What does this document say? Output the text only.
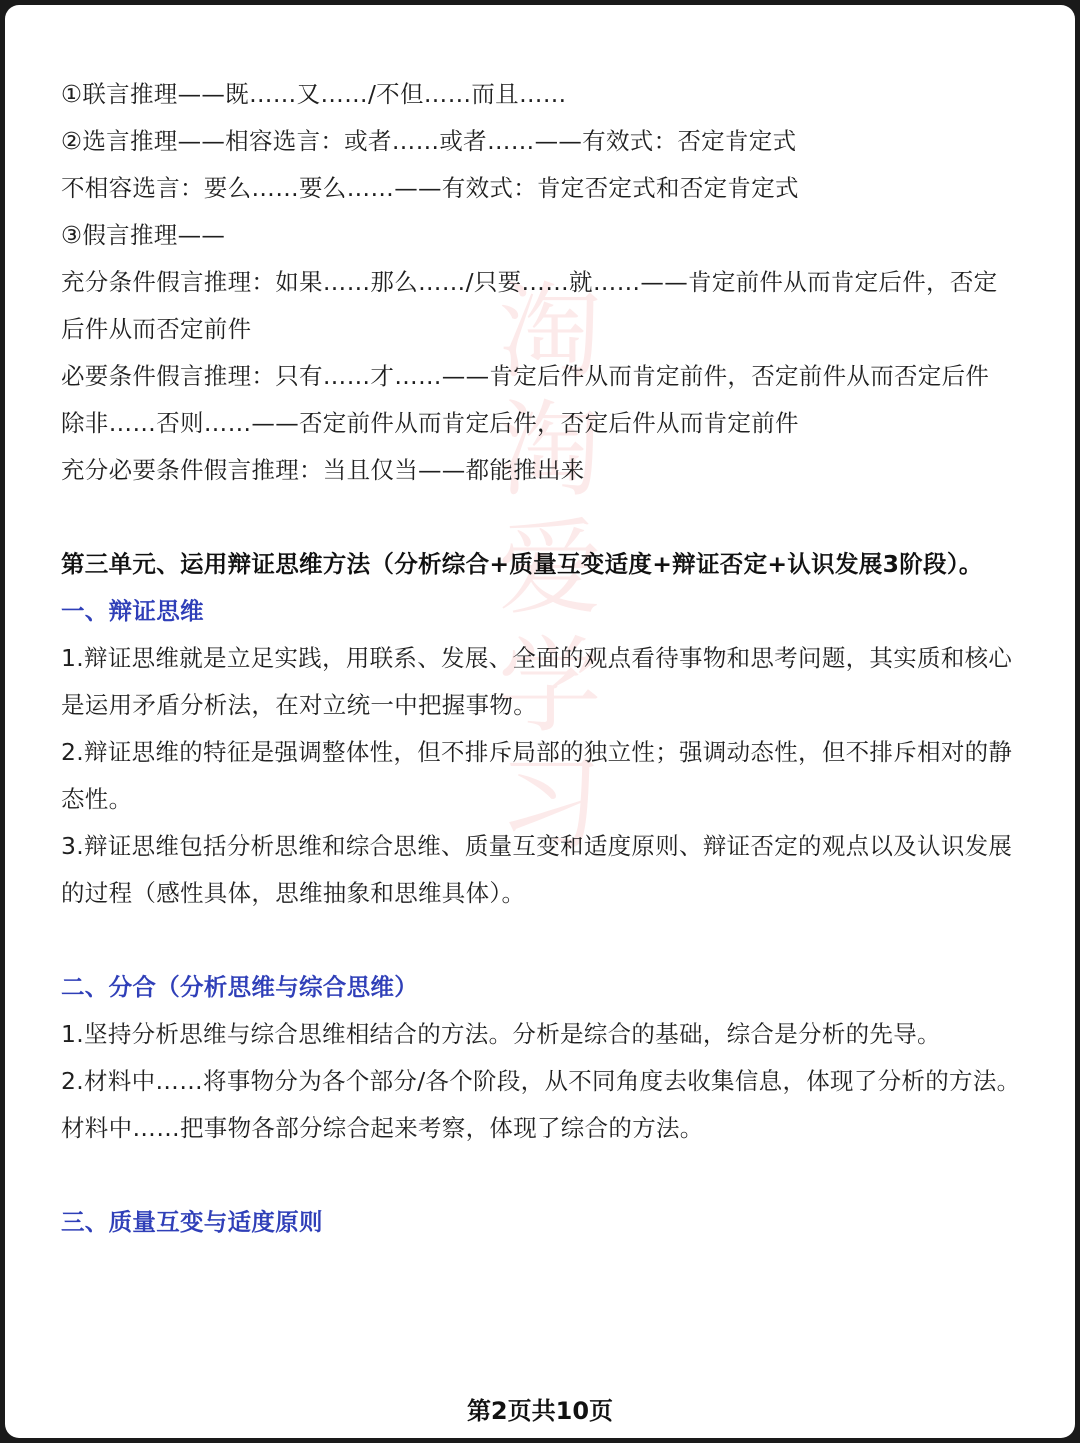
淘
淘
爱
学
习

①联言推理——既……又……/不但……而且……

②选言推理——相容选言：或者……或者……——有效式：否定肯定式

不相容选言：要么……要么……——有效式：肯定否定式和否定肯定式

③假言推理——

充分条件假言推理：如果……那么……/只要……就……——肯定前件从而肯定后件，否定后件从而否定前件

必要条件假言推理：只有……才……——肯定后件从而肯定前件，否定前件从而否定后件

除非……否则……——否定前件从而肯定后件，否定后件从而肯定前件

充分必要条件假言推理：当且仅当——都能推出来

第三单元、运用辩证思维方法（分析综合+质量互变适度+辩证否定+认识发展3阶段）。

一、辩证思维

1.辩证思维就是立足实践，用联系、发展、全面的观点看待事物和思考问题，其实质和核心是运用矛盾分析法，在对立统一中把握事物。

2.辩证思维的特征是强调整体性，但不排斥局部的独立性；强调动态性，但不排斥相对的静态性。

3.辩证思维包括分析思维和综合思维、质量互变和适度原则、辩证否定的观点以及认识发展的过程（感性具体，思维抽象和思维具体）。

二、分合（分析思维与综合思维）

1.坚持分析思维与综合思维相结合的方法。分析是综合的基础，综合是分析的先导。

2.材料中……将事物分为各个部分/各个阶段，从不同角度去收集信息，体现了分析的方法。材料中……把事物各部分综合起来考察，体现了综合的方法。

三、质量互变与适度原则

第2页共10页
